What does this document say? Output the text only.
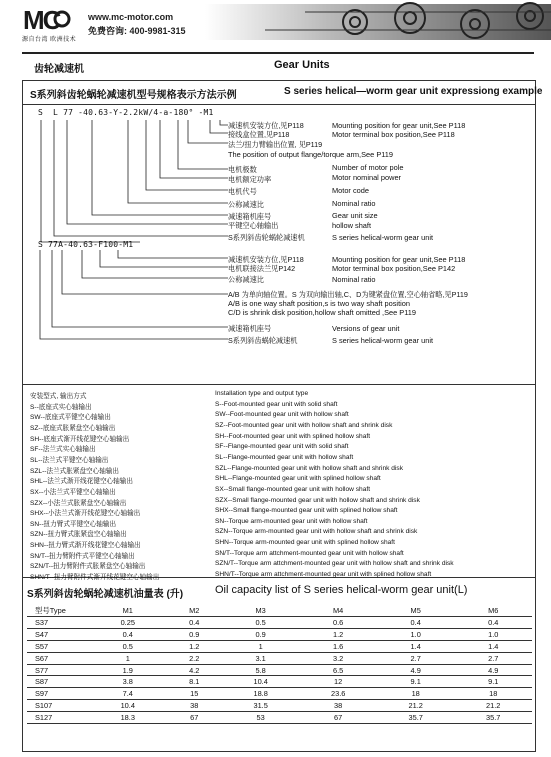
MC
源自台湾 欧洲技术
www.mc-motor.com
免费咨询: 400-9981-315
齿轮减速机	Gear Units
S系列斜齿轮蜗轮减速机型号规格表示方法示例	S series helical—worm gear unit expressiong example
S  L 77 -40.63-Y-2.2kW/4-a-180° -M1
减速机安装方位,见P118	Mounting position for gear unit,See P118
接线盒位置,见P118	Motor terminal box position,See P118
法兰/扭力臂输出位置, 见P119
The position of output flange/torque arm,See P119
电机极数	Number of motor pole
电机额定功率	Motor nominal power
电机代号	Motor code
公称减速比	Nominal ratio
减速箱机座号	Gear unit size
平键空心轴输出	hollow shaft
S系列斜齿轮蜗轮减速机	S series helical-worm gear unit
S 77A-40.63-F100-M1
减速机安装方位,见P118	Mounting position for gear unit,See P118
电机联接法兰见P142	Motor terminal box position,See P142
公称减速比	Nominal ratio
A/B 为单向轴位置。S 为双向输出轴,C、D为键紧盘位置,空心轴省略,见P119
A/B is one way shaft position,s is two way shaft position
C/D is shrink disk position,hollow shaft omitted ,See P119
减速箱机座号	Versions of gear unit
S系列斜齿蜗轮减速机	S series helical-worm gear unit
安装型式, 输出方式	Installation type and output type
S--底座式实心轴输出	S--Foot-mounted gear unit with solid shaft
SW--底座式平键空心轴输出	SW--Foot-mounted gear unit with hollow shaft
SZ--底座式胀紧盘空心轴输出	SZ--Foot-mounted gear unit with hollow shaft and shrink disk
SH--底座式渐开线花键空心轴输出	SH--Foot-mounted gear unit with splined hollow shaft
SF--法兰式实心轴输出	SF--Flange-mounted gear unit with solid shaft
SL--法兰式平键空心轴输出	SL--Flange-mounted gear unit with hollow shaft
SZL--法兰式胀紧盘空心轴输出	SZL--Flange-mounted gear unit with hollow shaft and shrink disk
SHL--法兰式渐开线花键空心轴输出	SHL--Flange-mounted gear unit with splined hollow shaft
SX--小法兰式平键空心轴输出	SX--Small flange-mounted gear unit with hollow shaft
SZX--小法兰式胀紧盘空心轴输出	SZX--Small flange-mounted gear unit with hollow shaft and shrink disk
SHX--小法兰式渐开线花键空心轴输出	SHX--Small flange-mounted gear unit with splined hollow shaft
SN--扭力臂式平键空心轴输出	SN--Torque arm-mounted gear unit with hollow shaft
SZN--扭力臂式胀紧盘空心轴输出	SZN--Torque arm-mounted gear unit with hollow shaft and shrink disk
SHN--扭力臂式渐开线花键空心轴输出	SHN--Torque arm-mounted gear unit with splined hollow shaft
SN/T--扭力臂附件式平键空心轴输出	SN/T--Torque arm attchment-mounted gear unit with hollow shaft
SZN/T--扭力臂附件式胀紧盘空心轴输出	SZN/T--Torque arm attchment-mounted gear unit with hollow shaft and shrink disk
SHN/T--扭力臂附件式渐开线花键空心轴输出	SHN/T--Torque arm attchment-mounted gear unit with splined hollow shaft
S系列斜齿轮蜗轮减速机油量表 (升)	Oil capacity list of S series helical-worm gear unit(L)
型号Type	M1	M2	M3	M4	M5	M6
S37	0.25	0.4	0.5	0.6	0.4	0.4
S47	0.4	0.9	0.9	1.2	1.0	1.0
S57	0.5	1.2	1	1.6	1.4	1.4
S67	1	2.2	3.1	3.2	2.7	2.7
S77	1.9	4.2	5.8	6.5	4.9	4.9
S87	3.8	8.1	10.4	12	9.1	9.1
S97	7.4	15	18.8	23.6	18	18
S107	10.4	38	31.5	38	21.2	21.2
S127	18.3	67	53	67	35.7	35.7
